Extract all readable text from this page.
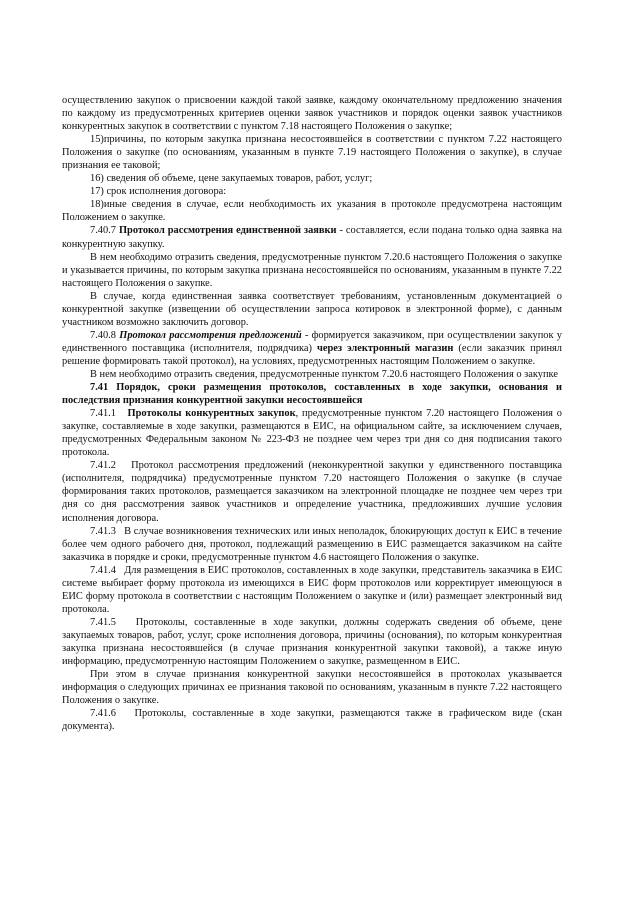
осуществлению закупок о присвоении каждой такой заявке, каждому окончательному предложению значения по каждому из предусмотренных критериев оценки заявок участников и порядок оценки заявок участников конкурентных закупок в соответствии с пунктом 7.18 настоящего Положения о закупке;

15)причины, по которым закупка признана несостоявшейся в соответствии с пунктом 7.22 настоящего Положения о закупке (по основаниям, указанным в пункте 7.19 настоящего Положения о закупке), в случае признания ее таковой;

16) сведения об объеме, цене закупаемых товаров, работ, услуг;

17) срок исполнения договора:

18)иные сведения в случае, если необходимость их указания в протоколе предусмотрена настоящим Положением о закупке.

7.40.7 Протокол рассмотрения единственной заявки - составляется, если подана только одна заявка на конкурентную закупку.

В нем необходимо отразить сведения, предусмотренные пунктом 7.20.6 настоящего Положения о закупке и указывается причины, по которым закупка признана несостоявшейся по основаниям, указанным в пункте 7.22 настоящего Положения о закупке.

В случае, когда единственная заявка соответствует требованиям, установленным документацией о конкурентной закупке (извещении об осуществлении запроса котировок в электронной форме), с данным участником возможно заключить договор.

7.40.8 Протокол рассмотрения предложений - формируется заказчиком, при осуществлении закупок у единственного поставщика (исполнителя, подрядчика) через электронный магазин (если заказчик принял решение формировать такой протокол), на условиях, предусмотренных настоящим Положением о закупке.

В нем необходимо отразить сведения, предусмотренные пунктом 7.20.6 настоящего Положения о закупке

7.41 Порядок, сроки размещения протоколов, составленных в ходе закупки, основания и последствия признания конкурентной закупки несостоявшейся

7.41.1 Протоколы конкурентных закупок, предусмотренные пунктом 7.20 настоящего Положения о закупке, составляемые в ходе закупки, размещаются в ЕИС, на официальном сайте, за исключением случаев, предусмотренных Федеральным законом № 223-ФЗ не позднее чем через три дня со дня подписания такого протокола.

7.41.2 Протокол рассмотрения предложений (неконкурентной закупки у единственного поставщика (исполнителя, подрядчика) предусмотренные пунктом 7.20 настоящего Положения о закупке (в случае формирования таких протоколов, размещается заказчиком на электронной площадке не позднее чем через три дня со дня рассмотрения заявок участников и определение участника, предложивших лучшие условия исполнения договора.

7.41.3 В случае возникновения технических или иных неполадок, блокирующих доступ к ЕИС в течение более чем одного рабочего дня, протокол, подлежащий размещению в ЕИС размещается заказчиком на сайте заказчика в порядке и сроки, предусмотренные пунктом 4.6 настоящего Положения о закупке.

7.41.4 Для размещения в ЕИС протоколов, составленных в ходе закупки, представитель заказчика в ЕИС системе выбирает форму протокола из имеющихся в ЕИС форм протоколов или корректирует имеющуюся в ЕИС форму протокола в соответствии с настоящим Положением о закупке и (или) размещает электронный вид протокола.

7.41.5 Протоколы, составленные в ходе закупки, должны содержать сведения об объеме, цене закупаемых товаров, работ, услуг, сроке исполнения договора, причины (основания), по которым конкурентная закупка признана несостоявшейся (в случае признания конкурентной закупки таковой), а также иную информацию, предусмотренную настоящим Положением о закупке, размещенном в ЕИС.

При этом в случае признания конкурентной закупки несостоявшейся в протоколах указывается информация о следующих причинах ее признания таковой по основаниям, указанным в пункте 7.22 настоящего Положения о закупке.

7.41.6 Протоколы, составленные в ходе закупки, размещаются также в графическом виде (скан документа).
